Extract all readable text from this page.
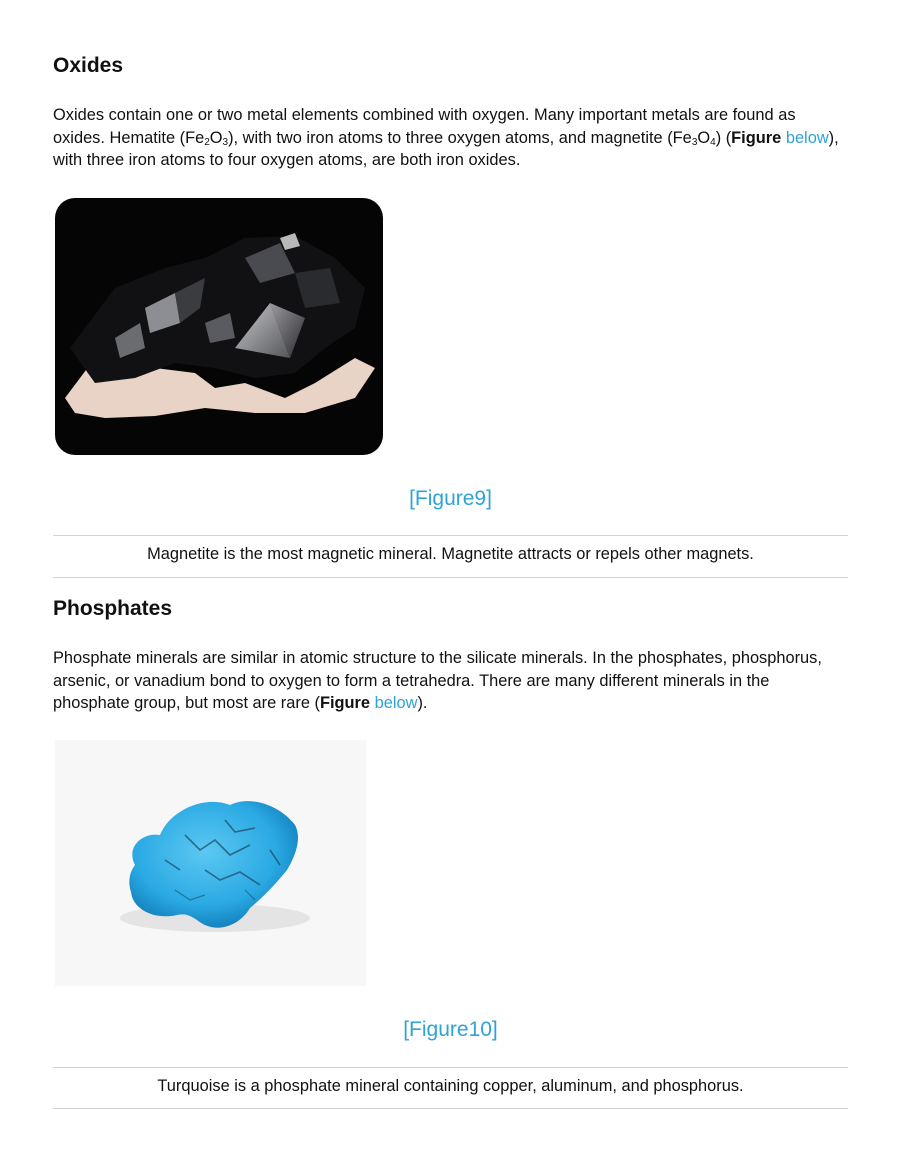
Oxides

Oxides contain one or two metal elements combined with oxygen. Many important metals are found as oxides. Hematite $(Fe_2O_3)$, with two iron atoms to three oxygen atoms, and magnetite $(Fe_3O_4)$ (Figure below), with three iron atoms to four oxygen atoms, are both iron oxides.

[Figure9]
Magnetite is the most magnetic mineral. Magnetite attracts or repels other magnets.
Phosphates

Phosphate minerals are similar in atomic structure to the silicate minerals. In the phosphates, phosphorus, arsenic, or vanadium bond to oxygen to form a tetrahedra. There are many different minerals in the phosphate group, but most are rare (Figure below).

[Figure10]
Turquoise is a phosphate mineral containing copper, aluminum, and phosphorus.
